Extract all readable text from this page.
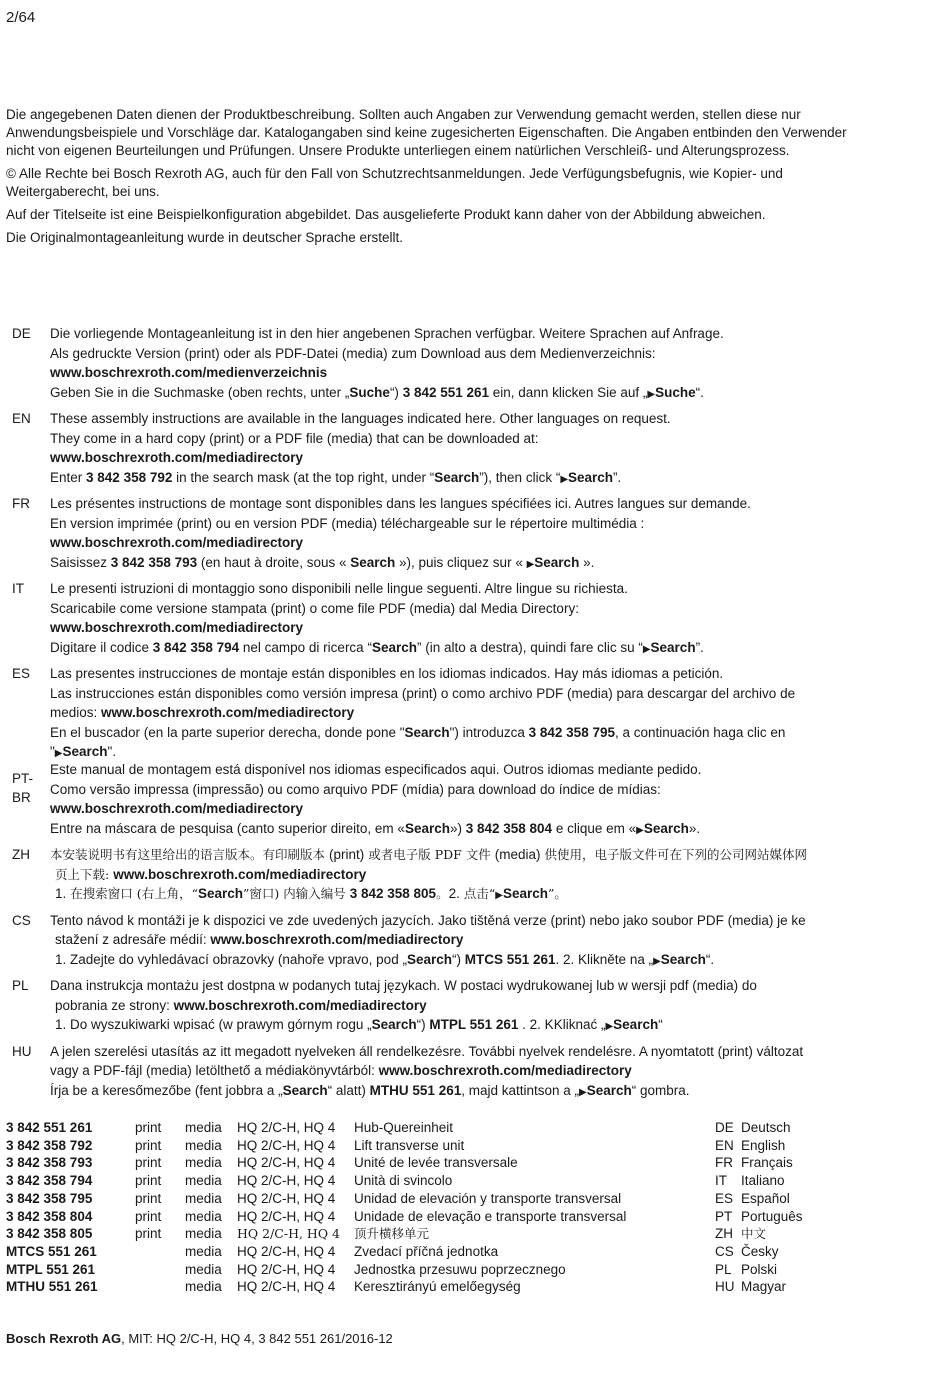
2/64

Die angegebenen Daten dienen der Produktbeschreibung. Sollten auch Angaben zur Verwendung gemacht werden, stellen diese nur Anwendungsbeispiele und Vorschläge dar. Katalogangaben sind keine zugesicherten Eigenschaften. Die Angaben entbinden den Verwender nicht von eigenen Beurteilungen und Prüfungen. Unsere Produkte unterliegen einem natürlichen Verschleiß- und Alterungsprozess.

© Alle Rechte bei Bosch Rexroth AG, auch für den Fall von Schutzrechtsanmeldungen. Jede Verfügungsbefugnis, wie Kopier- und Weitergaberecht, bei uns.

Auf der Titelseite ist eine Beispielkonfiguration abgebildet. Das ausgelieferte Produkt kann daher von der Abbildung abweichen.

Die Originalmontageanleitung wurde in deutscher Sprache erstellt.

DE	Die vorliegende Montageanleitung ist in den hier angebenen Sprachen verfügbar. Weitere Sprachen auf Anfrage.
Als gedruckte Version (print) oder als PDF-Datei (media) zum Download aus dem Medienverzeichnis:
www.boschrexroth.com/medienverzeichnis
Geben Sie in die Suchmaske (oben rechts, unter „Suche“) 3 842 551 261 ein, dann klicken Sie auf „▶Suche“.
EN	These assembly instructions are available in the languages indicated here. Other languages on request.
They come in a hard copy (print) or a PDF file (media) that can be downloaded at:
www.boschrexroth.com/mediadirectory
Enter 3 842 358 792 in the search mask (at the top right, under “Search”), then click “▶Search”.
FR	Les présentes instructions de montage sont disponibles dans les langues spécifiées ici. Autres langues sur demande.
En version imprimée (print) ou en version PDF (media) téléchargeable sur le répertoire multimédia :
www.boschrexroth.com/mediadirectory
Saisissez 3 842 358 793 (en haut à droite, sous « Search »), puis cliquez sur « ▶Search ».
IT	Le presenti istruzioni di montaggio sono disponibili nelle lingue seguenti. Altre lingue su richiesta.
Scaricabile come versione stampata (print) o come file PDF (media) dal Media Directory:
www.boschrexroth.com/mediadirectory
Digitare il codice 3 842 358 794 nel campo di ricerca “Search” (in alto a destra), quindi fare clic su “▶Search”.
ES	Las presentes instrucciones de montaje están disponibles en los idiomas indicados. Hay más idiomas a petición.
Las instrucciones están disponibles como versión impresa (print) o como archivo PDF (media) para descargar del archivo de
medios: www.boschrexroth.com/mediadirectory
En el buscador (en la parte superior derecha, donde pone "Search") introduzca 3 842 358 795, a continuación haga clic en
"▶Search".
PT-
BR
Este manual de montagem está disponível nos idiomas especificados aqui. Outros idiomas mediante pedido.
Como versão impressa (impressão) ou como arquivo PDF (mídia) para download do índice de mídias:
www.boschrexroth.com/mediadirectory
Entre na máscara de pesquisa (canto superior direito, em «Search») 3 842 358 804 e clique em «▶Search».
ZH	本安装说明书有这里给出的语言版本。有印刷版本 (print) 或者电子版 PDF 文件 (media) 供使用，电子版文件可在下列的公司网站媒体网
页上下载: www.boschrexroth.com/mediadirectory
1. 在搜索窗口 (右上角，“Search”窗口) 内输入编号 3 842 358 805。2. 点击“▶Search”。
CS	Tento návod k montáži je k dispozici ve zde uvedených jazycích. Jako tištěná verze (print) nebo jako soubor PDF (media) je ke
stažení z adresáře médií: www.boschrexroth.com/mediadirectory
1. Zadejte do vyhledávací obrazovky (nahoře vpravo, pod „Search“) MTCS 551 261. 2. Klikněte na „▶Search“.
PL	Dana instrukcja montażu jest dostpna w podanych tutaj językach. W postaci wydrukowanej lub w wersji pdf (media) do
pobrania ze strony: www.boschrexroth.com/mediadirectory
1. Do wyszukiwarki wpisać (w prawym górnym rogu „Search“) MTPL 551 261 . 2. KKliknać „▶Search“
HU	A jelen szerelési utasítás az itt megadott nyelveken áll rendelkezésre. További nyelvek rendelésre. A nyomtatott (print) változat
vagy a PDF-fájl (media) letölthető a médiakönyvtárból: www.boschrexroth.com/mediadirectory
Írja be a keresőmezőbe (fent jobbra a „Search“ alatt) MTHU 551 261, majd kattintson a „▶Search“ gombra.
3 842 551 261	print	media	HQ 2/C-H, HQ 4	Hub-Quereinheit	DE	Deutsch
3 842 358 792	print	media	HQ 2/C-H, HQ 4	Lift transverse unit	EN	English
3 842 358 793	print	media	HQ 2/C-H, HQ 4	Unité de levée transversale	FR	Français
3 842 358 794	print	media	HQ 2/C-H, HQ 4	Unità di svincolo	IT	Italiano
3 842 358 795	print	media	HQ 2/C-H, HQ 4	Unidad de elevación y transporte transversal	ES	Español
3 842 358 804	print	media	HQ 2/C-H, HQ 4	Unidade de elevação e transporte transversal	PT	Português
3 842 358 805	print	media	HQ 2/C-H, HQ 4	顶升横移单元	ZH	中文
MTCS 551 261		media	HQ 2/C-H, HQ 4	Zvedací příčná jednotka	CS	Česky
MTPL 551 261		media	HQ 2/C-H, HQ 4	Jednostka przesuwu poprzecznego	PL	Polski
MTHU 551 261		media	HQ 2/C-H, HQ 4	Keresztirányú emelőegység	HU	Magyar
Bosch Rexroth AG, MIT: HQ 2/C-H, HQ 4, 3 842 551 261/2016-12
